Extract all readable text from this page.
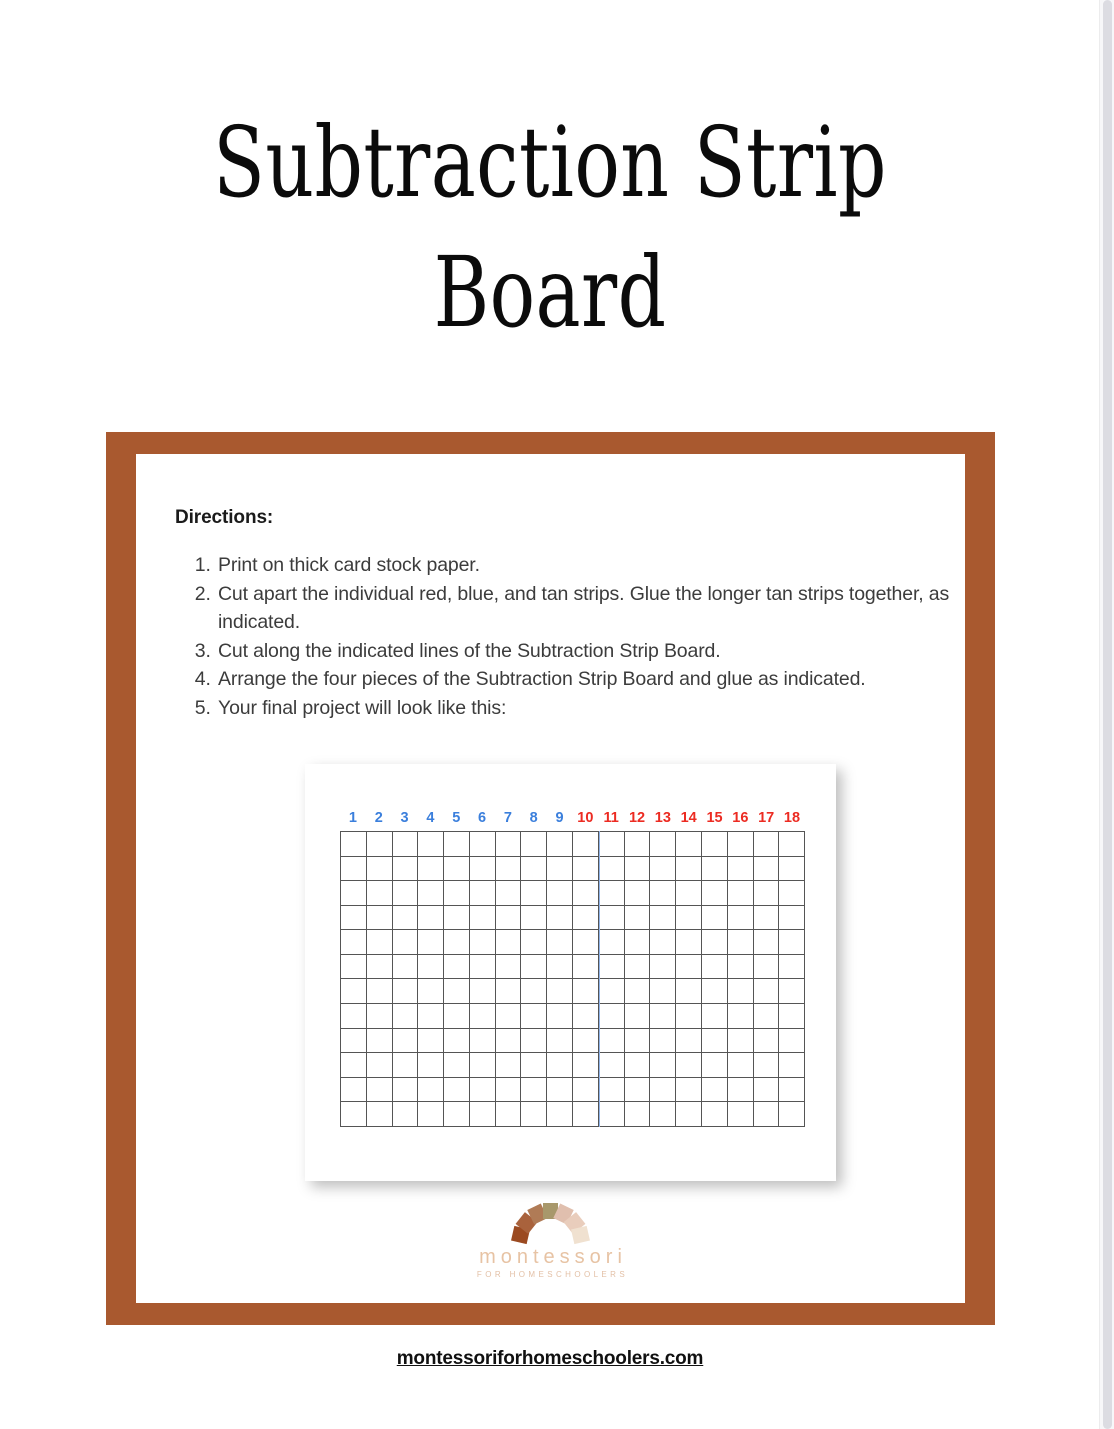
Subtraction Strip
Board
Directions:
1. Print on thick card stock paper.
2. Cut apart the individual red, blue, and tan strips. Glue the longer tan strips together, as indicated.
3. Cut along the indicated lines of the Subtraction Strip Board.
4. Arrange the four pieces of the Subtraction Strip Board and glue as indicated.
5. Your final project will look like this:
1	2	3	4	5	6	7	8	9 10 11 12 13 14 15 16 17 18
montessori
FOR HOMESCHOOLERS
montessoriforhomeschoolers.com
